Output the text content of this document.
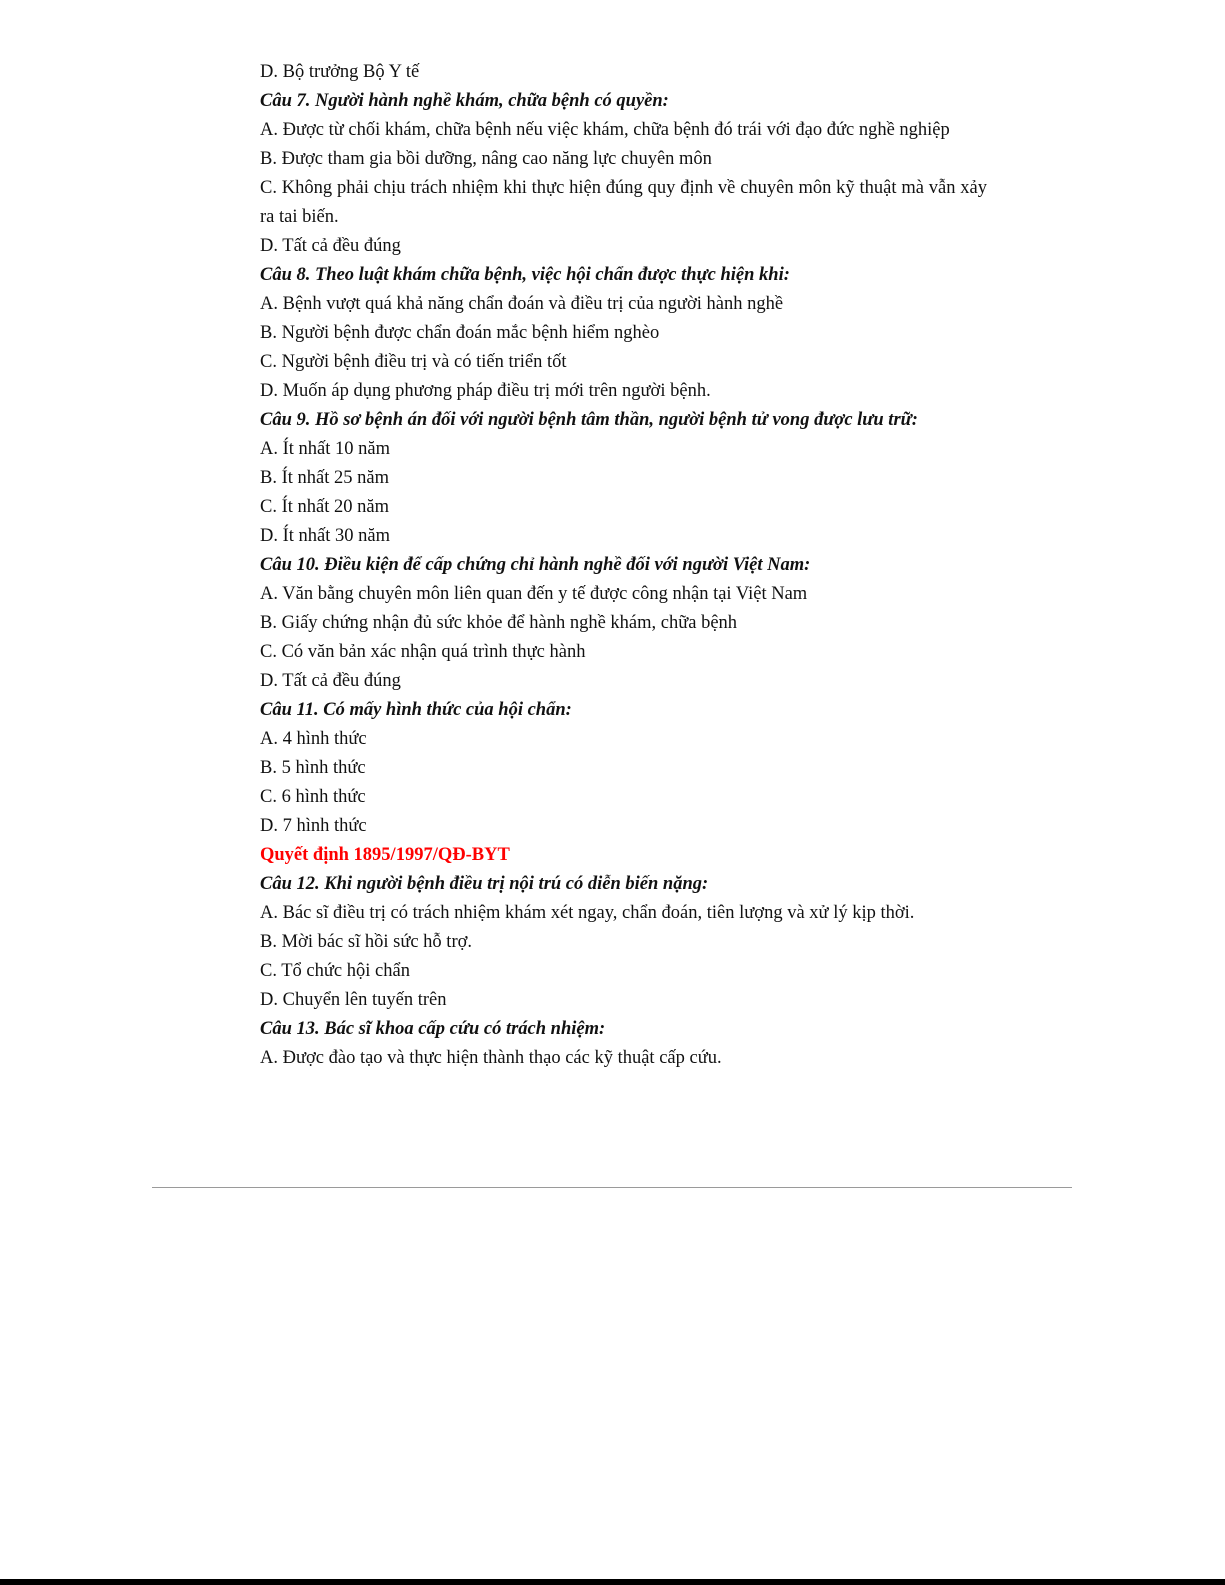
D. Bộ trưởng Bộ Y tế
Câu 7. Người hành nghề khám, chữa bệnh có quyền:
A. Được từ chối khám, chữa bệnh nếu việc khám, chữa bệnh đó trái với đạo đức nghề nghiệp
B. Được tham gia bồi dưỡng, nâng cao năng lực chuyên môn
C. Không phải chịu trách nhiệm khi thực hiện đúng quy định về chuyên môn kỹ thuật mà vẫn xảy ra tai biến.
D. Tất cả đều đúng
Câu 8. Theo luật khám chữa bệnh, việc hội chẩn được thực hiện khi:
A. Bệnh vượt quá khả năng chẩn đoán và điều trị của người hành nghề
B. Người bệnh được chẩn đoán mắc bệnh hiểm nghèo
C. Người bệnh điều trị và có tiến triển tốt
D. Muốn áp dụng phương pháp điều trị mới trên người bệnh.
Câu 9. Hồ sơ bệnh án đối với người bệnh tâm thần, người bệnh tử vong được lưu trữ:
A. Ít nhất 10 năm
B. Ít nhất 25 năm
C. Ít nhất 20 năm
D. Ít nhất 30 năm
Câu 10. Điều kiện để cấp chứng chỉ hành nghề đối với người Việt Nam:
A. Văn bằng chuyên môn liên quan đến y tế được công nhận tại Việt Nam
B. Giấy chứng nhận đủ sức khỏe để hành nghề khám, chữa bệnh
C. Có văn bản xác nhận quá trình thực hành
D. Tất cả đều đúng
Câu 11. Có mấy hình thức của hội chẩn:
A. 4 hình thức
B. 5 hình thức
C. 6 hình thức
D. 7 hình thức
Quyết định 1895/1997/QĐ-BYT
Câu 12. Khi người bệnh điều trị nội trú có diễn biến nặng:
A. Bác sĩ điều trị có trách nhiệm khám xét ngay, chẩn đoán, tiên lượng và xử lý kịp thời.
B. Mời bác sĩ hồi sức hỗ trợ.
C. Tổ chức hội chẩn
D. Chuyển lên tuyến trên
Câu 13. Bác sĩ khoa cấp cứu có trách nhiệm:
A. Được đào tạo và thực hiện thành thạo các kỹ thuật cấp cứu.
